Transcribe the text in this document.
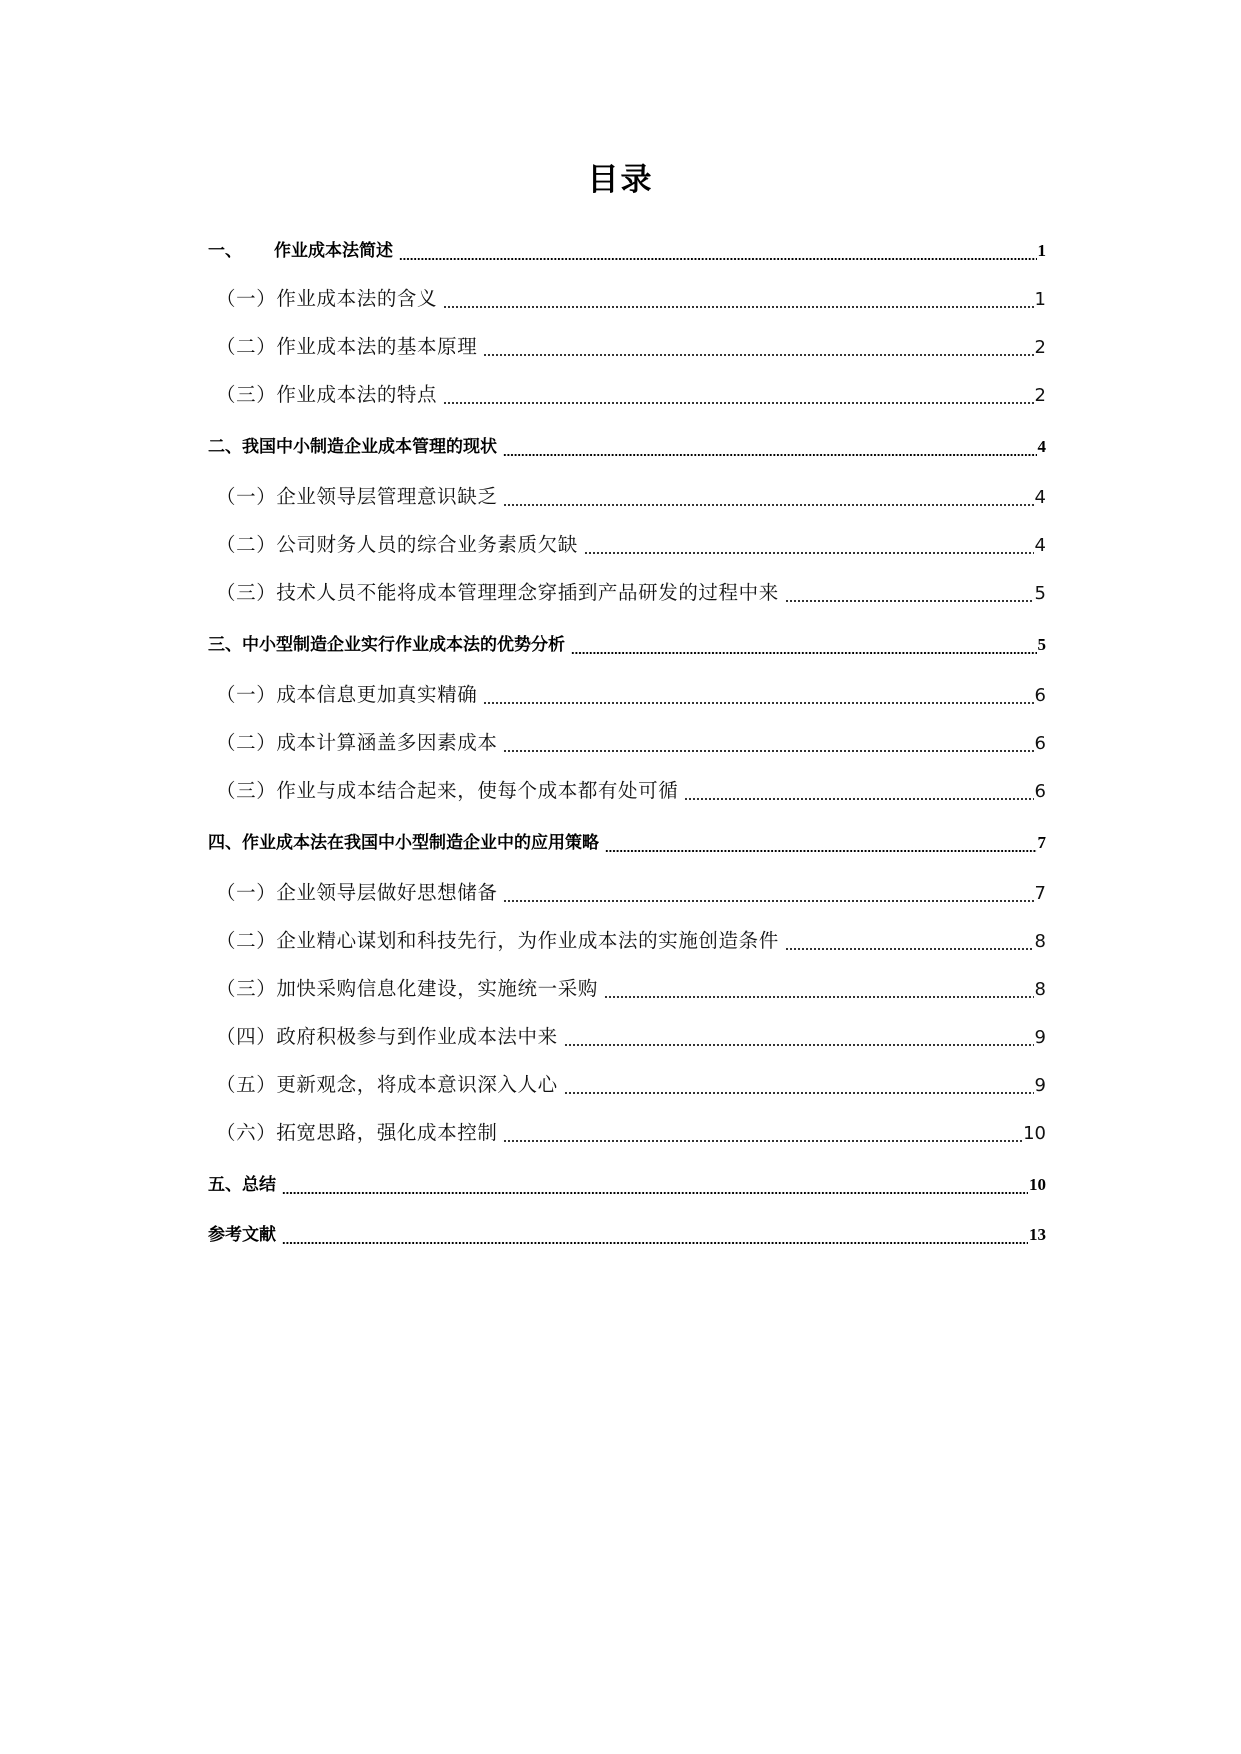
目录
一、	作业成本法简述	1
（一） 作业成本法的含义	1
（二） 作业成本法的基本原理	2
（三） 作业成本法的特点	2
二、 我国中小制造企业成本管理的现状	4
（一） 企业领导层管理意识缺乏	4
（二） 公司财务人员的综合业务素质欠缺	4
（三） 技术人员不能将成本管理理念穿插到产品研发的过程中来	5
三、 中小型制造企业实行作业成本法的优势分析	5
（一） 成本信息更加真实精确	6
（二） 成本计算涵盖多因素成本	6
（三） 作业与成本结合起来，使每个成本都有处可循	6
四、 作业成本法在我国中小型制造企业中的应用策略	7
（一） 企业领导层做好思想储备	7
（二） 企业精心谋划和科技先行，为作业成本法的实施创造条件	8
（三） 加快采购信息化建设，实施统一采购	8
（四） 政府积极参与到作业成本法中来	9
（五） 更新观念，将成本意识深入人心	9
（六） 拓宽思路，强化成本控制	10
五、 总结	10
参考文献	13
